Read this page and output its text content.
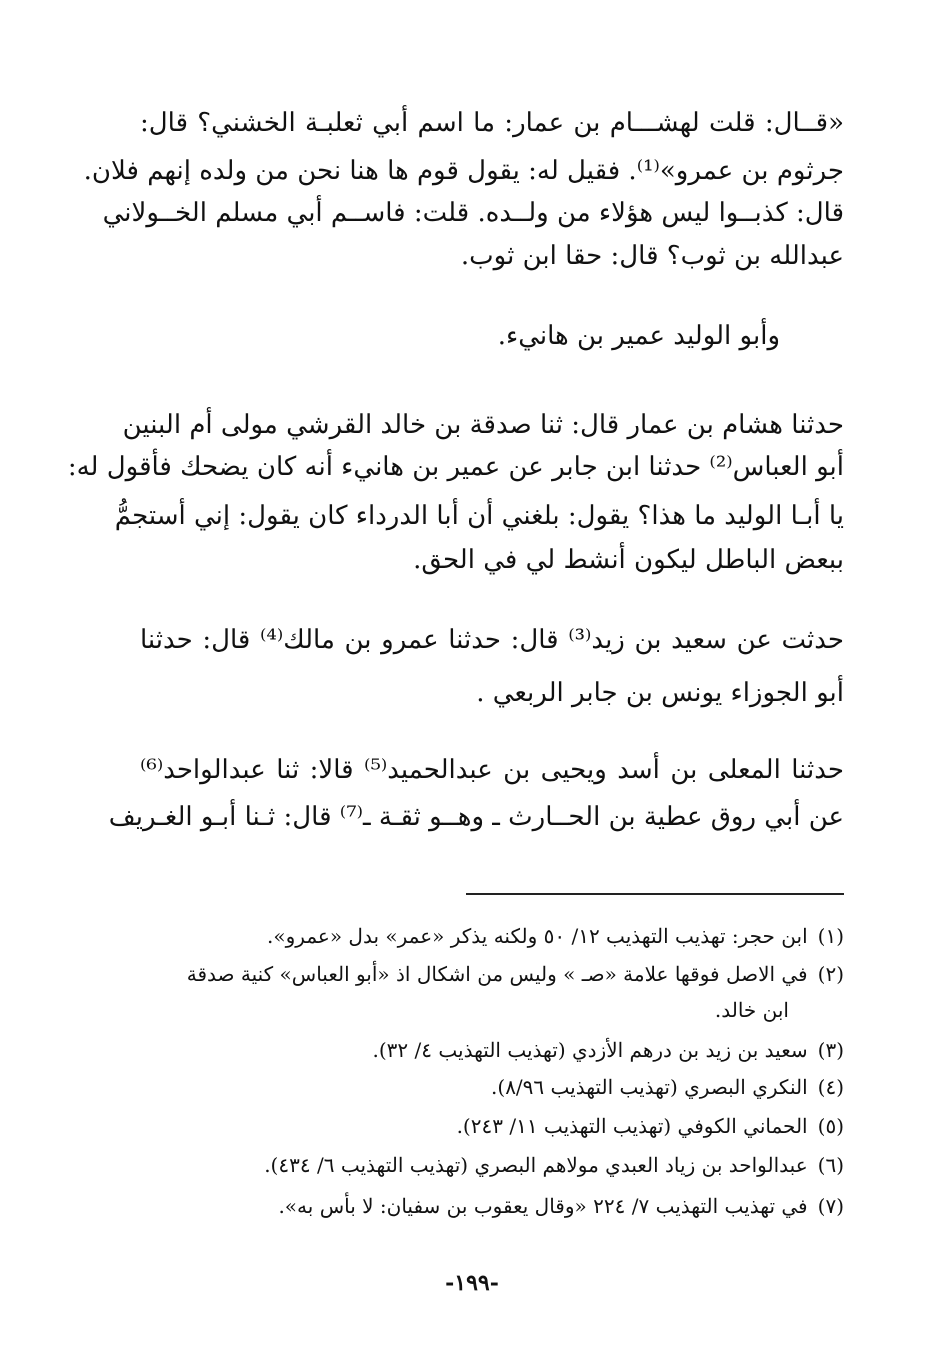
«قــال: قلت لهشـــام بن عمار: ما اسم أبي ثعلبـة الخشني؟ قال:
جرثوم بن عمرو»⁽¹⁾. فقيل له: يقول قوم ها هنا نحن من ولده إنهم فلان.
قال: كذبــوا ليس هؤلاء من ولــده. قلت: فاســم أبي مسلم الخــولاني
عبدالله بن ثوب؟ قال: حقا ابن ثوب.
وأبو الوليد عمير بن هانيء.
حدثنا هشام بن عمار قال: ثنا صدقة بن خالد القرشي مولى أم البنين
أبو العباس⁽²⁾ حدثنا ابن جابر عن عمير بن هانيء أنه كان يضحك فأقول له:
يا أبـا الوليد ما هذا؟ يقول: بلغني أن أبا الدرداء كان يقول: إني أستجمُّ
ببعض الباطل ليكون أنشط لي في الحق.
حدثت عن سعيد بن زيد⁽³⁾ قال: حدثنا عمرو بن مالك⁽⁴⁾ قال: حدثنا
أبو الجوزاء يونس بن جابر الربعي .
حدثنا المعلى بن أسد ويحيى بن عبدالحميد⁽⁵⁾ قالا: ثنا عبدالواحد⁽⁶⁾
عن أبي روق عطية بن الحــارث ـ وهــو ثقـة ـ⁽⁷⁾ قال: ثـنا أبـو الغـريف
(١)ابن حجر: تهذيب التهذيب ١٢/ ٥٠ ولكنه يذكر «عمر» بدل «عمرو».
(٢)في الاصل فوقها علامة «صـ » وليس من اشكال اذ «أبو العباس» كنية صدقة
ابن خالد.
(٣)سعيد بن زيد بن درهم الأزدي (تهذيب التهذيب ٤/ ٣٢).
(٤)النكري البصري (تهذيب التهذيب ٨/٩٦).
(٥)الحماني الكوفي (تهذيب التهذيب ١١/ ٢٤٣).
(٦)عبدالواحد بن زياد العبدي مولاهم البصري (تهذيب التهذيب ٦/ ٤٣٤).
(٧)في تهذيب التهذيب ٧/ ٢٢٤ «وقال يعقوب بن سفيان: لا بأس به».
-١٩٩-
